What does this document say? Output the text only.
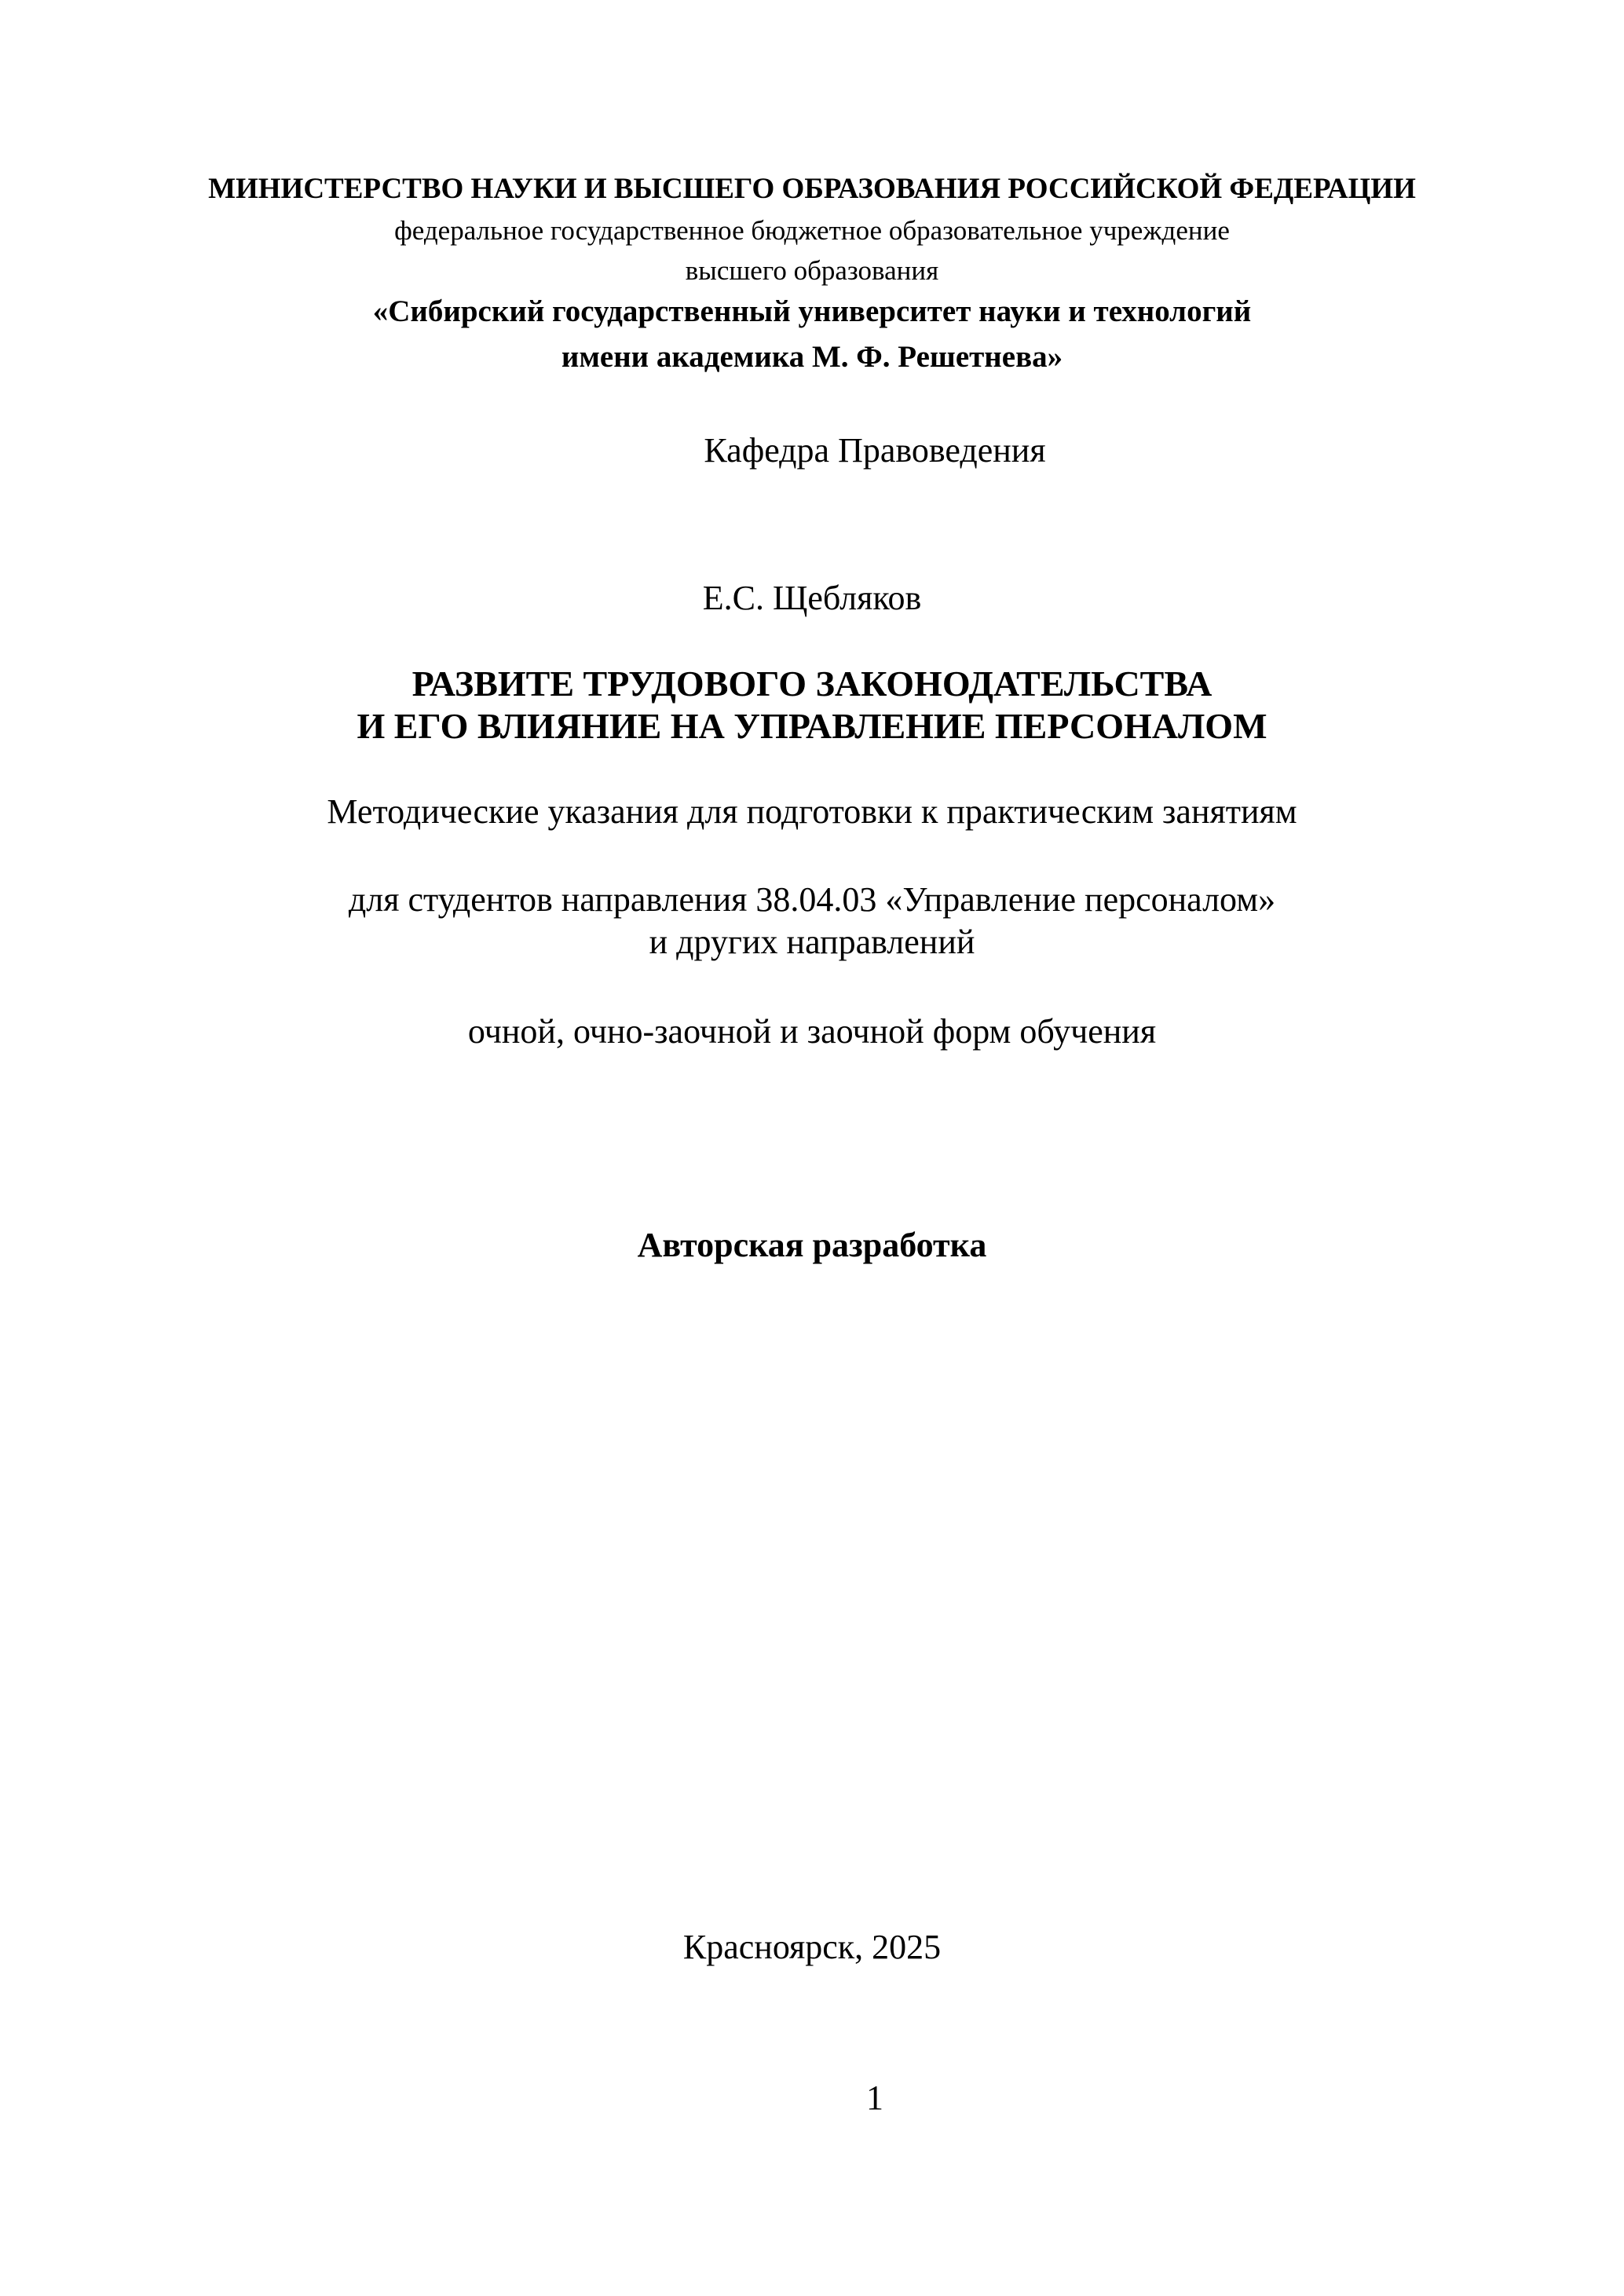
МИНИСТЕРСТВО НАУКИ И ВЫСШЕГО ОБРАЗОВАНИЯ РОССИЙСКОЙ ФЕДЕРАЦИИ
федеральное государственное бюджетное образовательное учреждение
высшего образования
«Сибирский государственный университет науки и технологий
имени академика М. Ф. Решетнева»
Кафедра Правоведения
Е.С. Щебляков
РАЗВИТЕ ТРУДОВОГО ЗАКОНОДАТЕЛЬСТВА
И ЕГО ВЛИЯНИЕ НА УПРАВЛЕНИЕ ПЕРСОНАЛОМ
Методические указания для подготовки к практическим занятиям
для студентов направления 38.04.03 «Управление персоналом»
и других направлений
очной, очно-заочной и заочной форм обучения
Авторская разработка
Красноярск, 2025
1
